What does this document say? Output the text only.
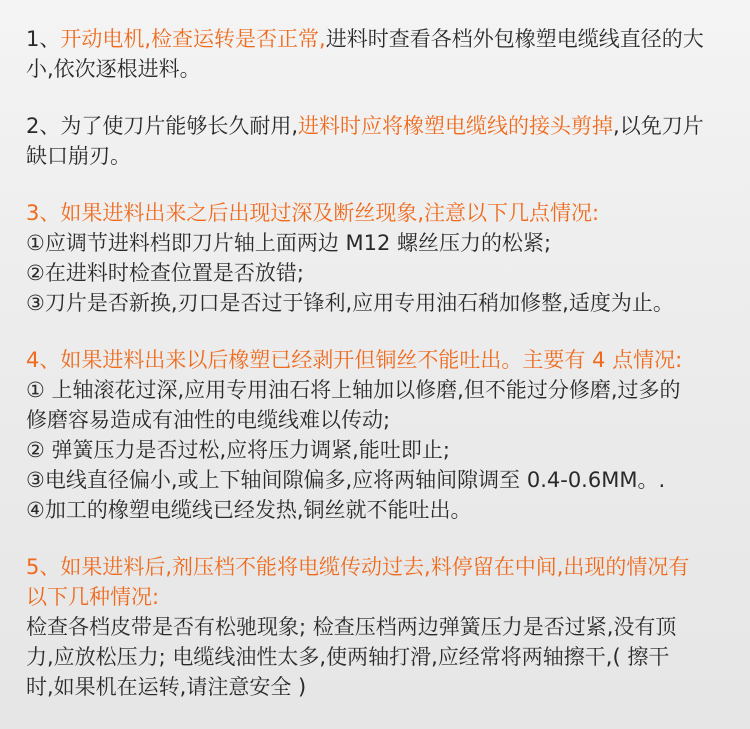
1、开动电机,检查运转是否正常,进料时查看各档外包橡塑电缆线直径的大
小,依次逐根进料。
2、为了使刀片能够长久耐用,进料时应将橡塑电缆线的接头剪掉,以免刀片
缺口崩刃。
3、如果进料出来之后出现过深及断丝现象,注意以下几点情况:
①应调节进料档即刀片轴上面两边 M12 螺丝压力的松紧;
②在进料时检查位置是否放错;
③刀片是否新换,刃口是否过于锋利,应用专用油石稍加修整,适度为止。
4、如果进料出来以后橡塑已经剥开但铜丝不能吐出。主要有 4 点情况:
① 上轴滚花过深,应用专用油石将上轴加以修磨,但不能过分修磨,过多的
修磨容易造成有油性的电缆线难以传动;
② 弹簧压力是否过松,应将压力调紧,能吐即止;
③电线直径偏小,或上下轴间隙偏多,应将两轴间隙调至 0.4-0.6MM。.
④加工的橡塑电缆线已经发热,铜丝就不能吐出。
5、如果进料后,剂压档不能将电缆传动过去,料停留在中间,出现的情况有
以下几种情况:
检查各档皮带是否有松驰现象; 检查压档两边弹簧压力是否过紧,没有顶
力,应放松压力; 电缆线油性太多,使两轴打滑,应经常将两轴擦干,( 擦干
时,如果机在运转,请注意安全 )
